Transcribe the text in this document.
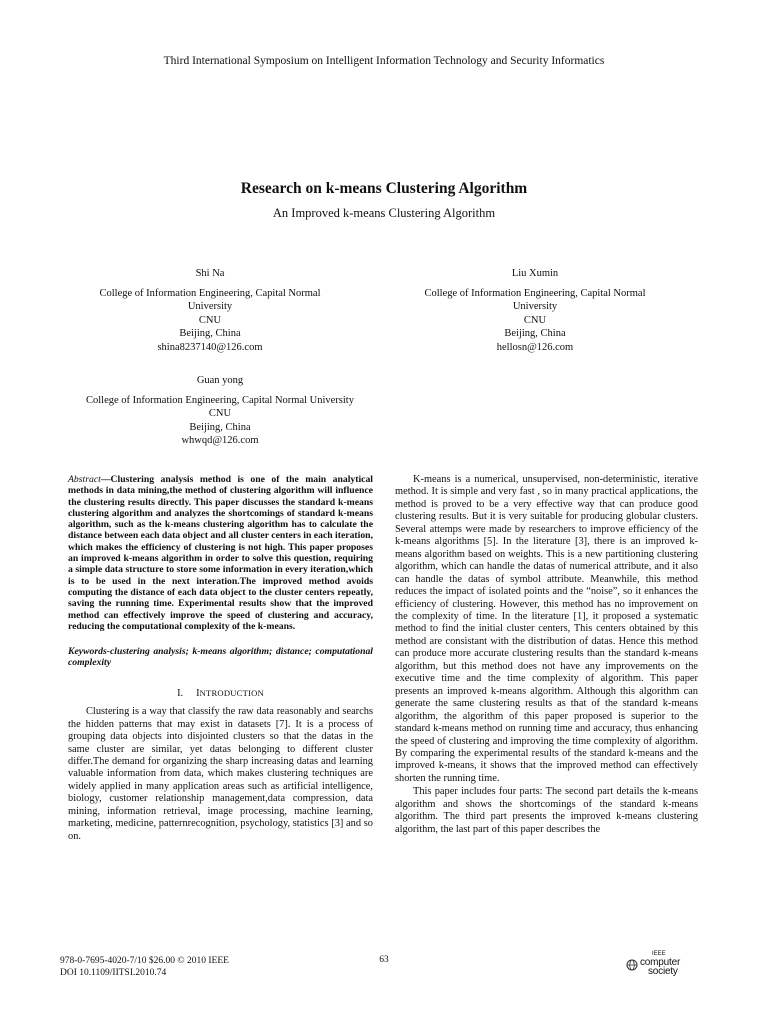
Third International Symposium on Intelligent Information Technology and Security Informatics
Research on k-means Clustering Algorithm
An Improved k-means Clustering Algorithm
Shi Na
College of Information Engineering, Capital Normal
University
CNU
Beijing, China
shina8237140@126.com
Liu Xumin
College of Information Engineering, Capital Normal
University
CNU
Beijing, China
hellosn@126.com
Guan yong
College of Information Engineering, Capital Normal University
CNU
Beijing, China
whwqd@126.com
Abstract—Clustering analysis method is one of the main analytical methods in data mining,the method of clustering algorithm will influence the clustering results directly. This paper discusses the standard k-means clustering algorithm and analyzes the shortcomings of standard k-means algorithm, such as the k-means clustering algorithm has to calculate the distance between each data object and all cluster centers in each iteration, which makes the efficiency of clustering is not high. This paper proposes an improved k-means algorithm in order to solve this question, requiring a simple data structure to store some information in every iteration,which is to be used in the next interation.The improved method avoids computing the distance of each data object to the cluster centers repeatly, saving the running time. Experimental results show that the improved method can effectively improve the speed of clustering and accuracy, reducing the computational complexity of the k-means.
Keywords-clustering analysis; k-means algorithm; distance; computational complexity
I. INTRODUCTION

Clustering is a way that classify the raw data reasonably and searchs the hidden patterns that may exist in datasets [7]. It is a process of grouping data objects into disjointed clusters so that the datas in the same cluster are similar, yet datas belonging to different cluster differ.The demand for organizing the sharp increasing datas and learning valuable information from data, which makes clustering techniques are widely applied in many application areas such as artificial intelligence, biology, customer relationship management,data compression, data mining, information retrieval, image processing, machine learning, marketing, medicine, patternrecognition, psychology, statistics [3] and so on.

K-means is a numerical, unsupervised, non-deterministic, iterative method. It is simple and very fast , so in many practical applications, the method is proved to be a very effective way that can produce good clustering results. But it is very suitable for producing globular clusters. Several attemps were made by researchers to improve efficiency of the k-means algorithms [5]. In the literature [3], there is an improved k-means algorithm based on weights. This is a new partitioning clustering algorithm, which can handle the datas of numerical attribute, and it also can handle the datas of symbol attribute. Meanwhile, this method reduces the impact of isolated points and the “noise”, so it enhances the efficiency of clustering. However, this method has no improvement on the complexity of time. In the literature [1], it proposed a systematic method to find the initial cluster centers, This centers obtained by this method are consistant with the distribution of datas. Hence this method can produce more accurate clustering results than the standard k-means algorithm, but this method does not have any improvements on the executive time and the time complexity of algorithm. This paper presents an improved k-means algorithm. Although this algorithm can generate the same clustering results as that of the standard k-means algorithm, the algorithm of this paper proposed is superior to the standard k-means method on running time and accuracy, thus enhancing the speed of clustering and improving the time complexity of algorithm. By comparing the experimental results of the standard k-means and the improved k-means, it shows that the improved method can effectively shorten the running time.

This paper includes four parts: The second part details the k-means algorithm and shows the shortcomings of the standard k-means algorithm. The third part presents the improved k-means clustering algorithm, the last part of this paper describes the

978-0-7695-4020-7/10 $26.00 © 2010 IEEE
DOI 10.1109/IITSI.2010.74
63
IEEE
computer
society
